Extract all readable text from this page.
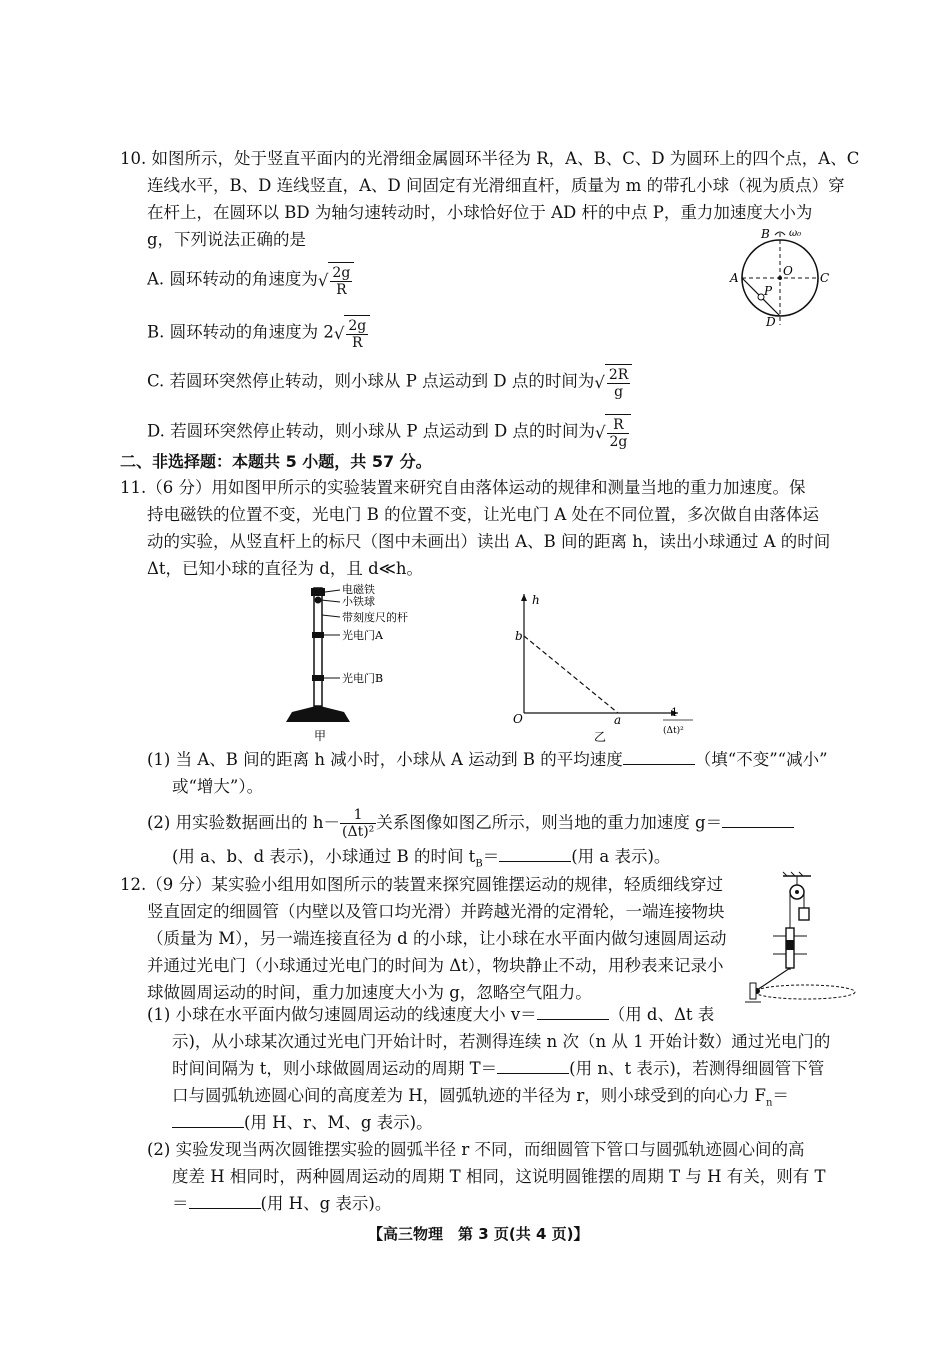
10. 如图所示，处于竖直平面内的光滑细金属圆环半径为 R，A、B、C、D 为圆环上的四个点，A、C
连线水平，B、D 连线竖直，A、D 间固定有光滑细直杆，质量为 m 的带孔小球（视为质点）穿
在杆上，在圆环以 BD 为轴匀速转动时，小球恰好位于 AD 杆的中点 P，重力加速度大小为
g，下列说法正确的是
A. 圆环转动的角速度为√ $\frac{2g}{R}$
B. 圆环转动的角速度为 $2√ \frac{2g}{R}$
C. 若圆环突然停止转动，则小球从 P 点运动到 D 点的时间为√ $\frac{2R}{g}$
D. 若圆环突然停止转动，则小球从 P 点运动到 D 点的时间为√ $\frac{R}{2g}$
B ω₀
O
A	C
P
D
二、非选择题：本题共 5 小题，共 57 分。
11.（6 分）用如图甲所示的实验装置来研究自由落体运动的规律和测量当地的重力加速度。保
持电磁铁的位置不变，光电门 B 的位置不变，让光电门 A 处在不同位置，多次做自由落体运
动的实验，从竖直杆上的标尺（图中未画出）读出 A、B 间的距离 h，读出小球通过 A 的时间
Δt，已知小球的直径为 d，且 d≪h。
电磁铁
小铁球
带刻度尺的杆
光电门A
光电门B
甲
h
b
O	a
1
(Δt)²
乙
(1) 当 A、B 间的距离 h 减小时，小球从 A 运动到 B 的平均速度	（填“不变”“减小”
或“增大”）。
(2) 用实验数据画出的 $h- \frac{1}{\text{(Δt)²}}$ 关系图像如图乙所示，则当地的重力加速度 g＝
(用 a、b、d 表示)，小球通过 B 的时间 $t_B=$	(用 a 表示)。
12.（9 分）某实验小组用如图所示的装置来探究圆锥摆运动的规律，轻质细线穿过
竖直固定的细圆管（内壁以及管口均光滑）并跨越光滑的定滑轮，一端连接物块
（质量为 M），另一端连接直径为 d 的小球，让小球在水平面内做匀速圆周运动
并通过光电门（小球通过光电门的时间为 Δt），物块静止不动，用秒表来记录小
球做圆周运动的时间，重力加速度大小为 g，忽略空气阻力。
(1) 小球在水平面内做匀速圆周运动的线速度大小 v＝	（用 d、Δt 表
示)，从小球某次通过光电门开始计时，若测得连续 n 次（n 从 1 开始计数）通过光电门的
时间间隔为 t，则小球做圆周运动的周期 T＝	(用 n、t 表示)，若测得细圆管下管
口与圆弧轨迹圆心间的高度差为 H，圆弧轨迹的半径为 r，则小球受到的向心力 $F_n=$
(用 H、r、M、g 表示)。
(2) 实验发现当两次圆锥摆实验的圆弧半径 r 不同，而细圆管下管口与圆弧轨迹圆心间的高
度差 H 相同时，两种圆周运动的周期 T 相同，这说明圆锥摆的周期 T 与 H 有关，则有 T
＝	(用 H、g 表示)。
【高三物理　第 3 页(共 4 页)】
